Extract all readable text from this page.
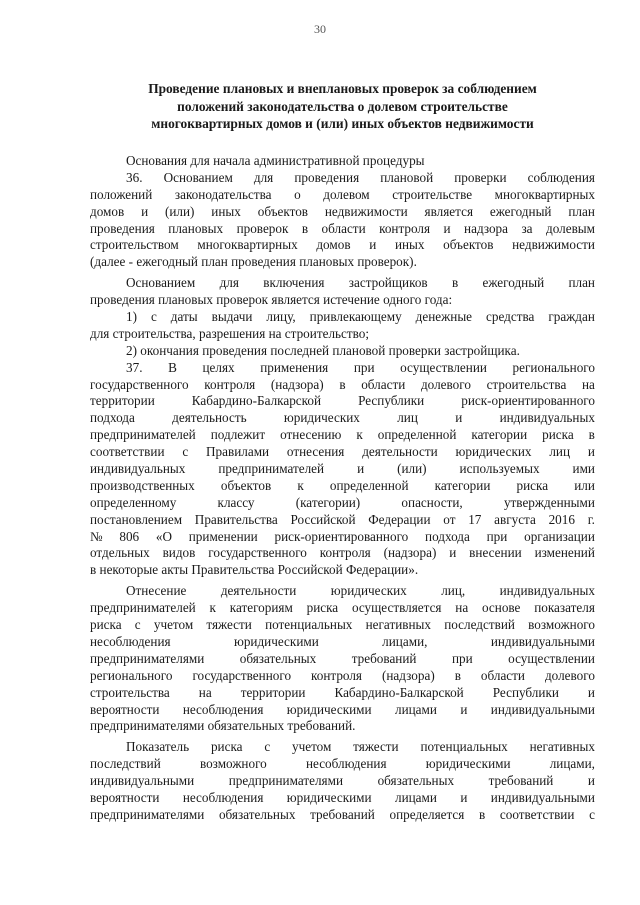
30
Проведение плановых и внеплановых проверок за соблюдением
положений законодательства о долевом строительстве
многоквартирных домов и (или) иных объектов недвижимости
Основания для начала административной процедуры
36. Основанием для проведения плановой проверки соблюдения
положений законодательства о долевом строительстве многоквартирных
домов и (или) иных объектов недвижимости является ежегодный план
проведения плановых проверок в области контроля и надзора за долевым
строительством многоквартирных домов и иных объектов недвижимости
(далее - ежегодный план проведения плановых проверок).
Основанием для включения застройщиков в ежегодный план
проведения плановых проверок является истечение одного года:
1) с даты выдачи лицу, привлекающему денежные средства граждан
для строительства, разрешения на строительство;
2) окончания проведения последней плановой проверки застройщика.
37. В целях применения при осуществлении регионального
государственного контроля (надзора) в области долевого строительства на
территории	Кабардино-Балкарской	Республики	риск-ориентированного
подхода	деятельность	юридических	лиц	и	индивидуальных
предпринимателей подлежит отнесению к определенной категории риска в
соответствии с Правилами отнесения деятельности юридических лиц и
индивидуальных предпринимателей и (или) используемых ими
производственных объектов к определенной категории риска или
определенному	классу	(категории)	опасности,	утвержденными
постановлением Правительства Российской Федерации от 17 августа 2016 г.
№ 806 «О применении риск-ориентированного подхода при организации
отдельных видов государственного контроля (надзора) и внесении изменений
в некоторые акты Правительства Российской Федерации».
Отнесение	деятельности	юридических	лиц,	индивидуальных
предпринимателей к категориям риска осуществляется на основе показателя
риска с учетом тяжести потенциальных негативных последствий возможного
несоблюдения	юридическими	лицами,	индивидуальными
предпринимателями	обязательных	требований	при	осуществлении
регионального государственного контроля (надзора) в области долевого
строительства на территории Кабардино-Балкарской Республики и
вероятности несоблюдения юридическими лицами и индивидуальными
предпринимателями обязательных требований.
Показатель риска с учетом тяжести потенциальных негативных
последствий	возможного	несоблюдения	юридическими	лицами,
индивидуальными	предпринимателями	обязательных	требований	и
вероятности несоблюдения юридическими лицами и индивидуальными
предпринимателями обязательных требований определяется в соответствии с
